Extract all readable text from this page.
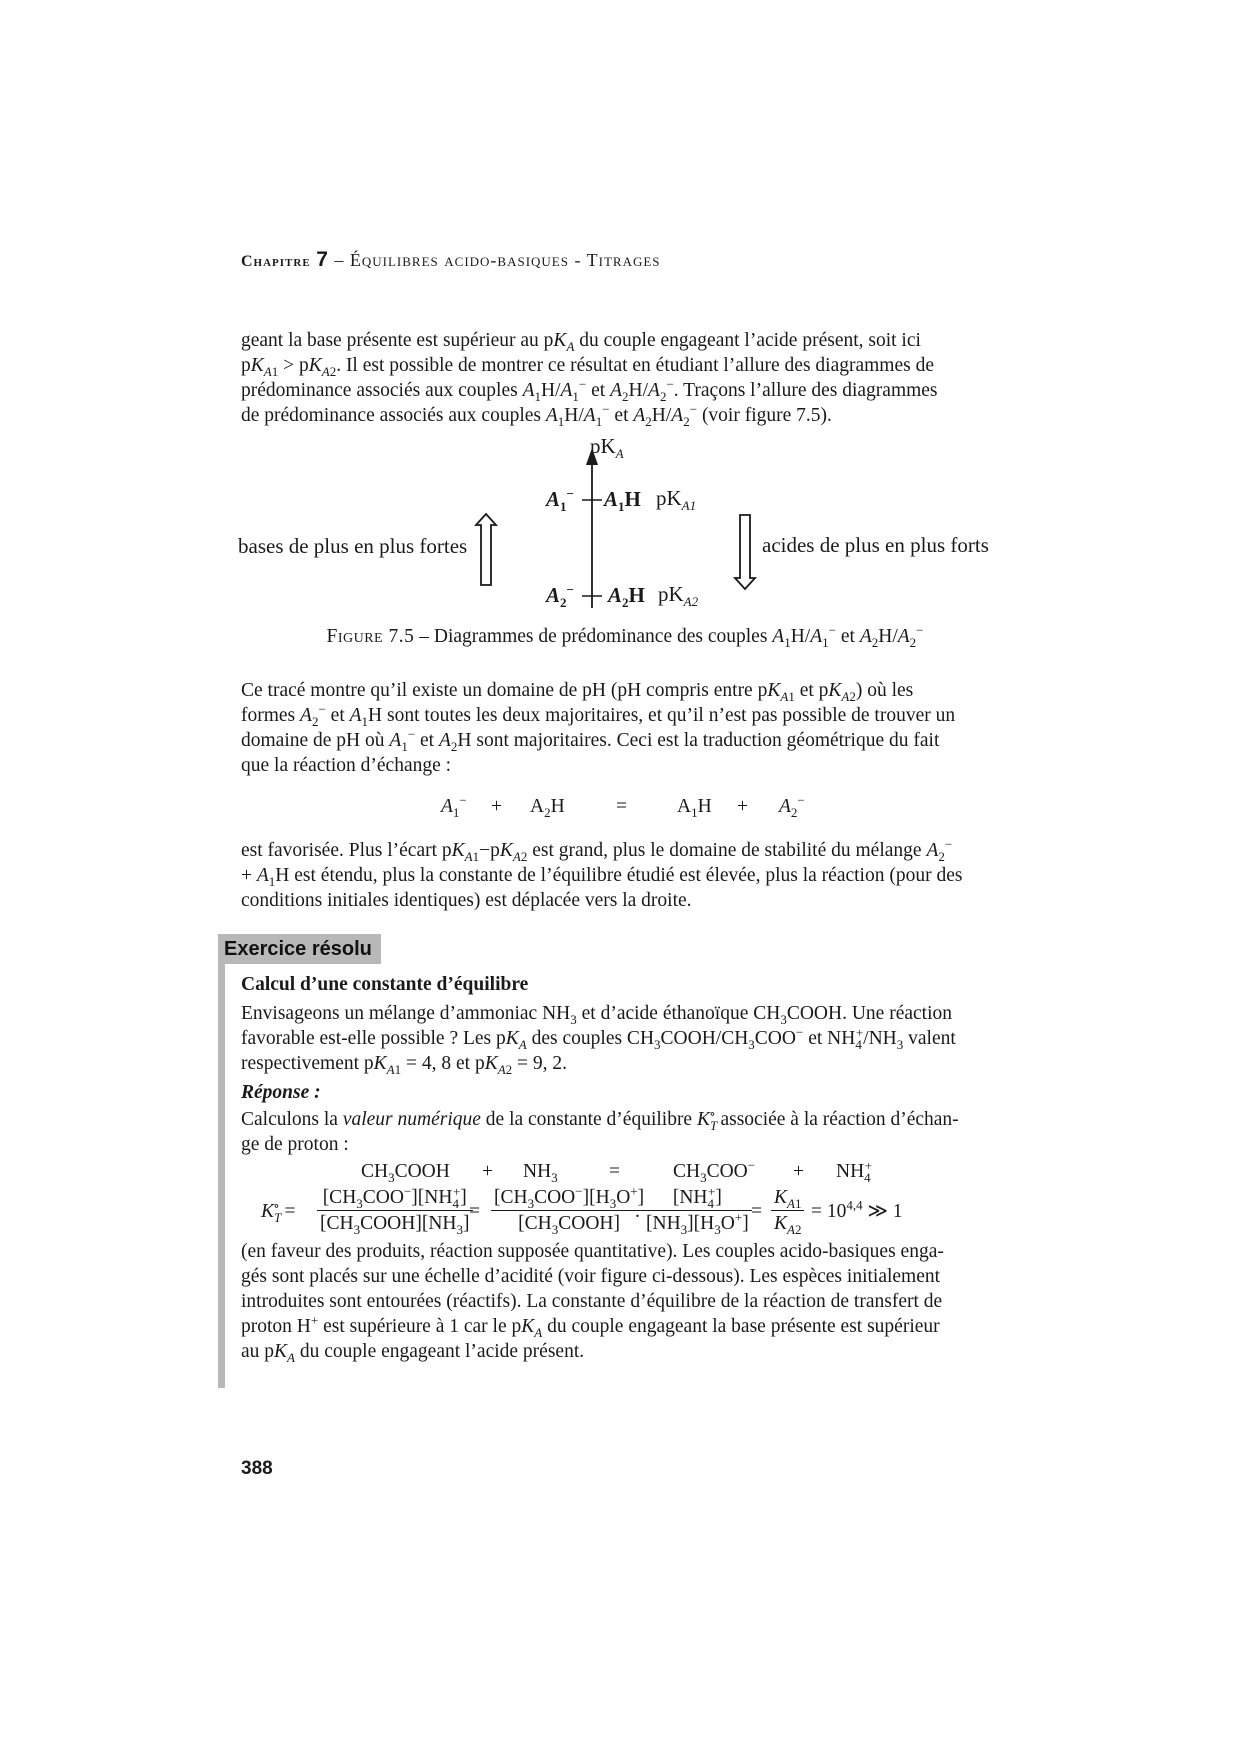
Chapitre 7 – Équilibres acido-basiques - Titrages

geant la base présente est supérieur au $pK_A$ du couple engageant l’acide présent, soit ici

$pK_{A1} > pK_{A2}$. Il est possible de montrer ce résultat en étudiant l’allure des diagrammes de

prédominance associés aux couples $A_1H/A_1^-$ et $A_2H/A_2^-$. Traçons l’allure des diagrammes

de prédominance associés aux couples $A_1H/A_1^-$ et $A_2H/A_2^-$ (voir figure 7.5).

$pK_A$
$A_1^-$ $A_1H$ $pK_{A1}$
bases de plus en plus fortes	acides de plus en plus forts
$A_2^-$ $A_2H$ $pK_{A2}$
Figure 7.5 – Diagrammes de prédominance des couples $A_1H/A_1^-$ et $A_2H/A_2^-$

Ce tracé montre qu’il existe un domaine de pH (pH compris entre $pK_{A1}$ et $pK_{A2}$) où les

formes $A_2^-$ et $A_1H$ sont toutes les deux majoritaires, et qu’il n’est pas possible de trouver un

domaine de pH où $A_1^-$ et $A_2H$ sont majoritaires. Ceci est la traduction géométrique du fait

que la réaction d’échange :

$A_1^- + A_2H$	=	$A_1H + A_2^-$

est favorisée. Plus l’écart $pK_{A1}-pK_{A2}$ est grand, plus le domaine de stabilité du mélange $A_2^-$

+ $A_1H$ est étendu, plus la constante de l’équilibre étudié est élevée, plus la réaction (pour des

conditions initiales identiques) est déplacée vers la droite.

Exercice résolu
Calcul d’une constante d’équilibre

Envisageons un mélange d’ammoniac $NH_3$ et d’acide éthanoïque $CH_3COOH$. Une réaction

favorable est-elle possible ? Les $pK_A$ des couples $CH_3COOH/CH_3COO^-$ et $NH_4^+/NH_3$ valent

respectivement $pK_{A1} = 4$, 8 et $pK_{A2} = 9$, 2.

Réponse :

Calculons la valeur numérique de la constante d’équilibre $K_T^\circ$ associée à la réaction d’échan-

ge de proton :

$CH_3COOH + NH_3$	=	$CH_3COO^- + NH_4^+$
$K_T^\circ$ =
$[CH_3COO^-][NH_4^+]$
$[CH_3COOH][NH_3]$
=
$[CH_3COO^-][H_3O^+]$
$[CH_3COOH]$
. $\frac{[NH_4^+]}{[NH_3][H_3O^+]} = \frac{K_{A1}}{K_{A2}} = 10^{4,4}$ ≫ 1

(en faveur des produits, réaction supposée quantitative). Les couples acido-basiques enga-

gés sont placés sur une échelle d’acidité (voir figure ci-dessous). Les espèces initialement

introduites sont entourées (réactifs). La constante d’équilibre de la réaction de transfert de

proton H+ est supérieure à 1 car le $pK_A$ du couple engageant la base présente est supérieur

au $pK_A$ du couple engageant l’acide présent.

388
